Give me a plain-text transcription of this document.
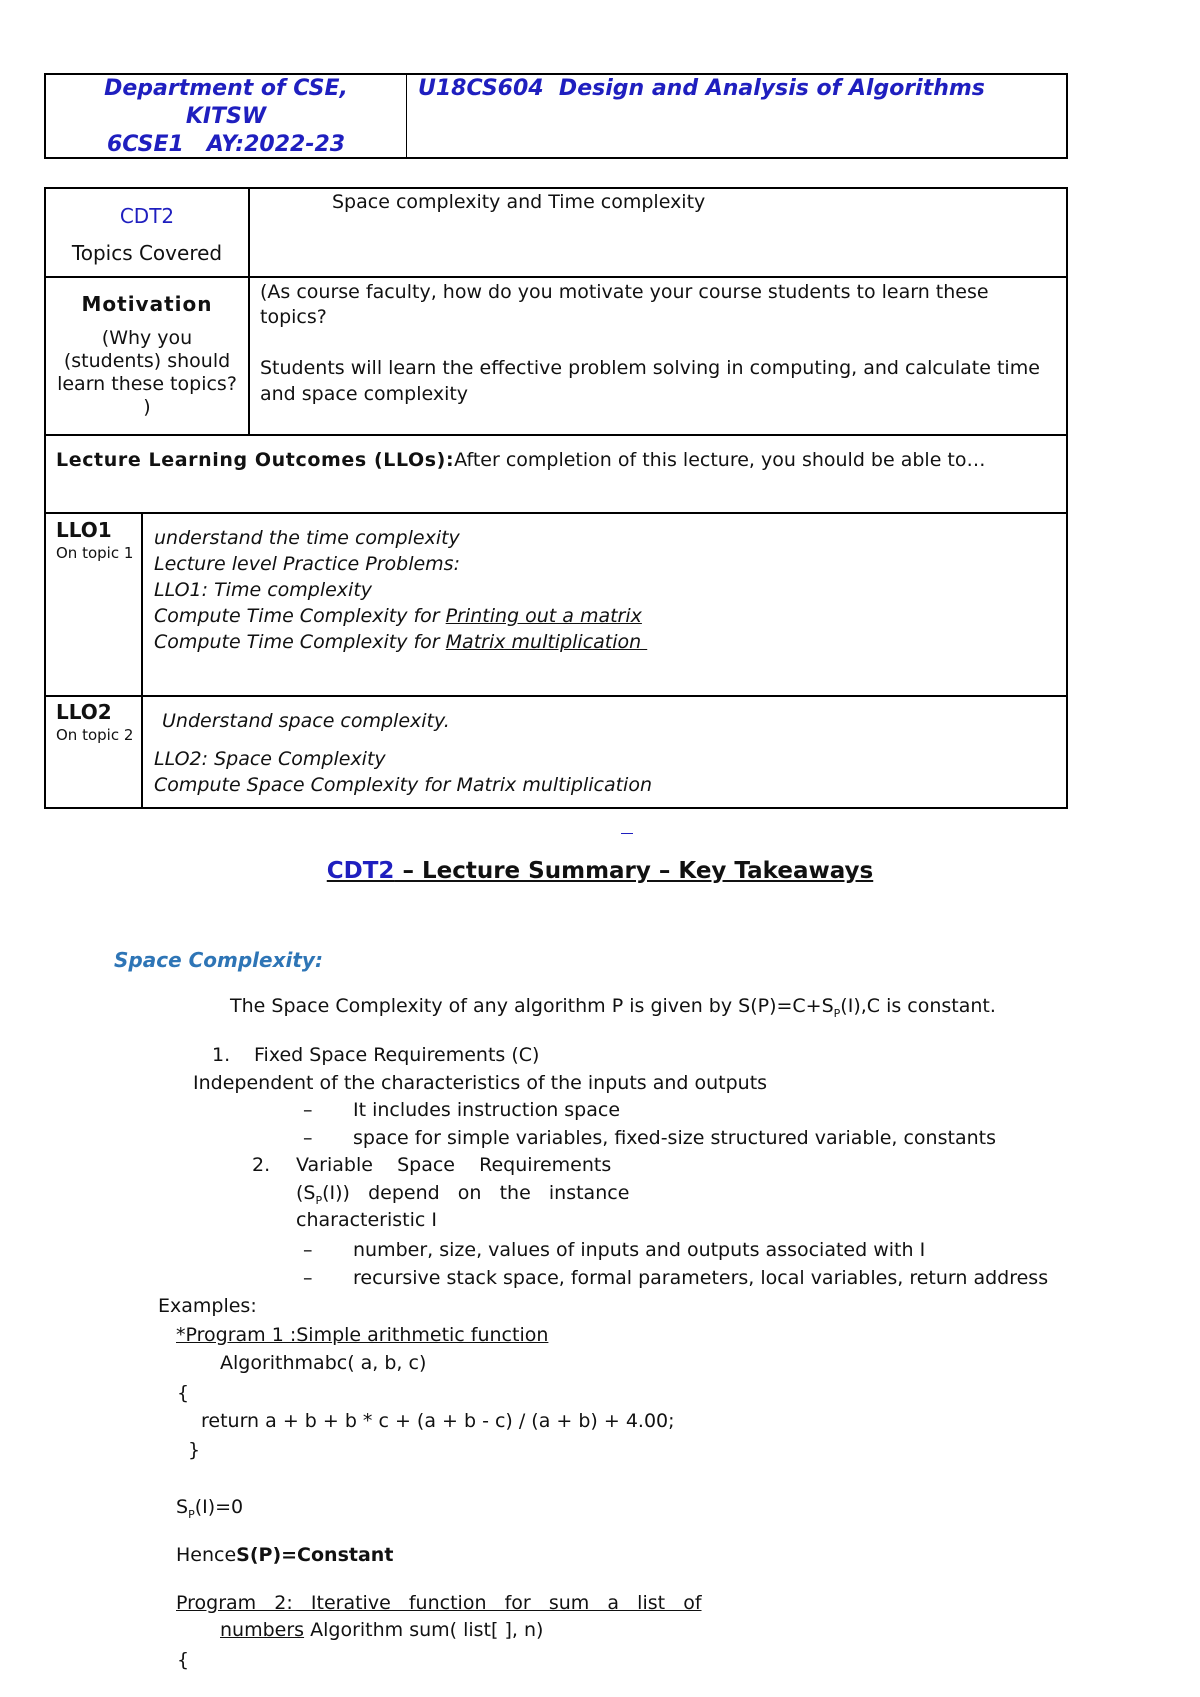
Department of CSE,
KITSW
6CSE1   AY:2022-23
U18CS604  Design and Analysis of Algorithms
CDT2
Topics Covered
Space complexity and Time complexity
Motivation
(Why you (students) should learn these topics? )
(As course faculty, how do you motivate your course students to learn these topics?
Students will learn the effective problem solving in computing, and calculate time and space complexity
Lecture Learning Outcomes (LLOs):After completion of this lecture, you should be able to…
LLO1
On topic 1
understand the time complexity
Lecture level Practice Problems:
LLO1: Time complexity
Compute Time Complexity for Printing out a matrix
Compute Time Complexity for Matrix multiplication
LLO2
On topic 2
Understand space complexity.
LLO2: Space Complexity
Compute Space Complexity for Matrix multiplication
CDT2 – Lecture Summary – Key Takeaways
Space Complexity:
The Space Complexity of any algorithm P is given by $S(P)=C+S_P(I),C$ is constant.
1. Fixed Space Requirements (C)
Independent of the characteristics of the inputs and outputs
– It includes instruction space
– space for simple variables, fixed-size structured variable, constants
2. Variable    Space    Requirements
$(S_P(I))$   depend   on   the   instance
characteristic I
– number, size, values of inputs and outputs associated with I
– recursive stack space, formal parameters, local variables, return address
Examples:
*Program 1 :Simple arithmetic function
Algorithmabc( a, b, c)
{
return a + b + b * c + (a + b - c) / (a + b) + 4.00;
}
$S_P(I)=0$
HenceS(P)=Constant
Program   2:   Iterative   function   for   sum   a   list   of
numbers Algorithm sum( list[ ], n)
{
